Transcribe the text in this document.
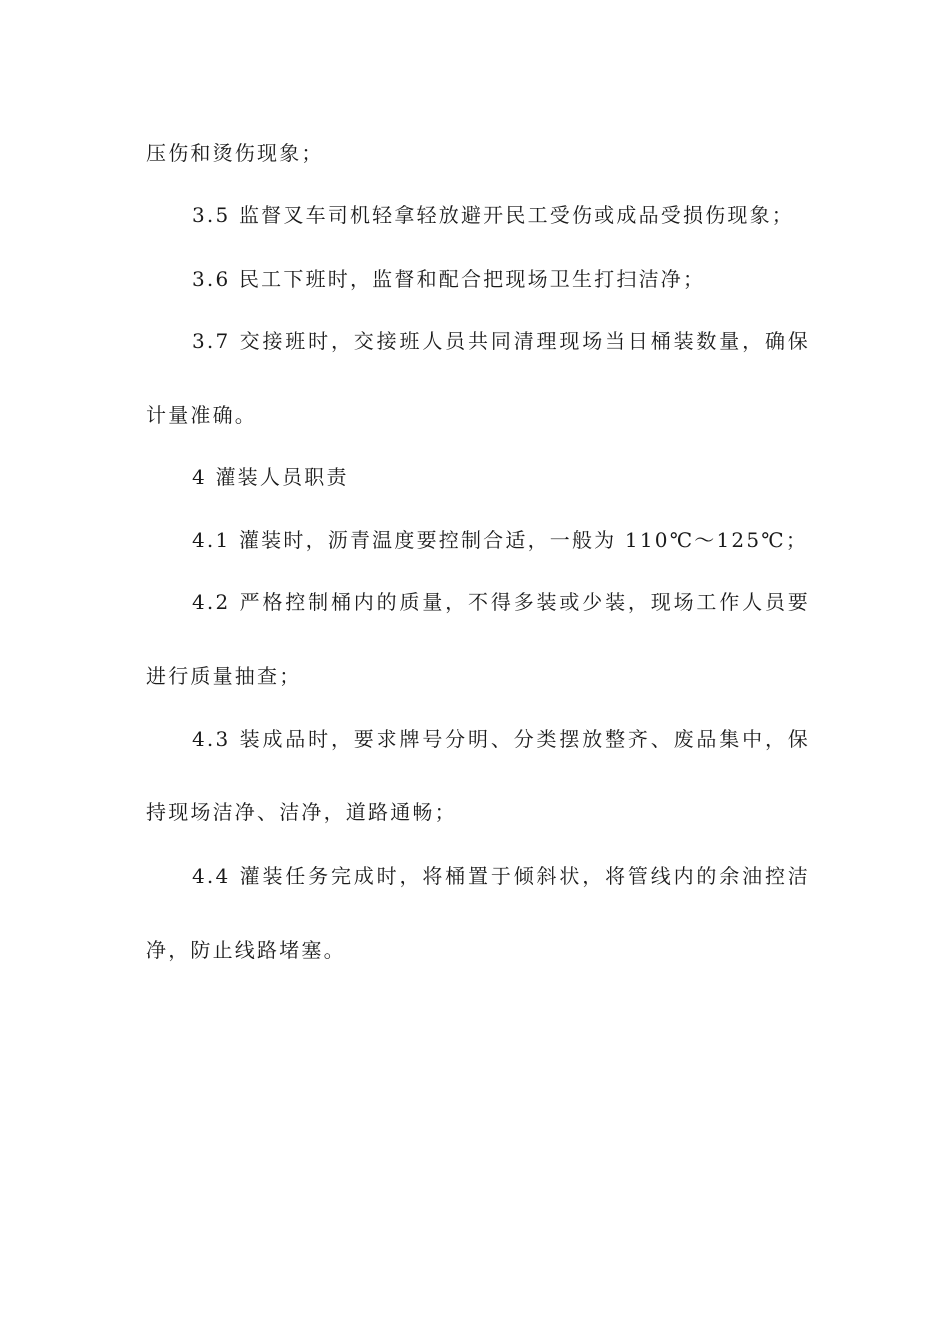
压伤和烫伤现象；
3.5 监督叉车司机轻拿轻放避开民工受伤或成品受损伤现象；
3.6 民工下班时，监督和配合把现场卫生打扫洁净；
3.7 交接班时，交接班人员共同清理现场当日桶装数量，确保
计量准确。
4 灌装人员职责
4.1 灌装时，沥青温度要控制合适，一般为 110℃～125℃；
4.2 严格控制桶内的质量，不得多装或少装，现场工作人员要
进行质量抽查；
4.3 装成品时，要求牌号分明、分类摆放整齐、废品集中，保
持现场洁净、洁净，道路通畅；
4.4 灌装任务完成时，将桶置于倾斜状，将管线内的余油控洁
净，防止线路堵塞。
